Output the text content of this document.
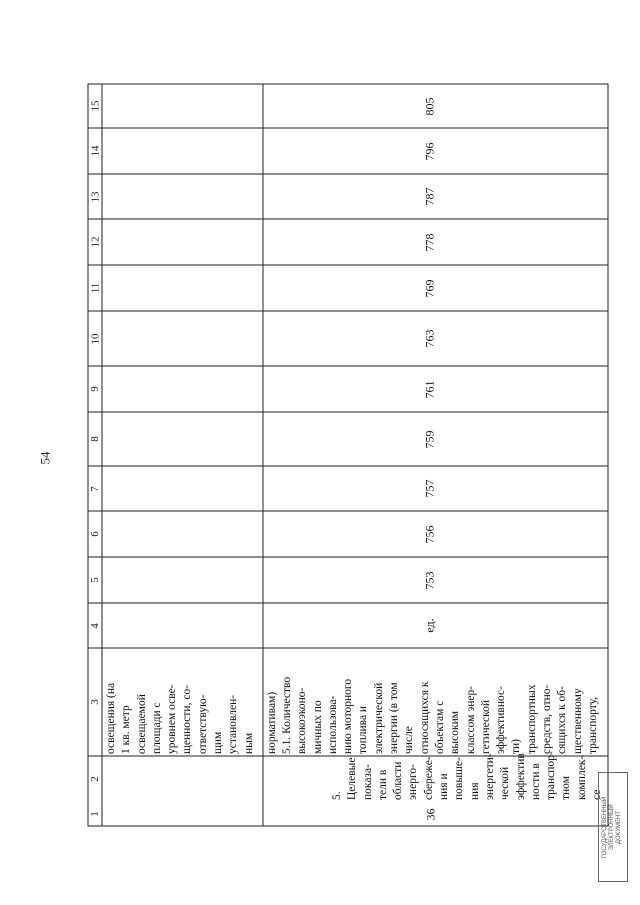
54
15
14
13
12
11
10
9
8
7
6
5
4
3
2
1
освещения (на 1 кв. метр освещаемой площади с уровнем осве- щенности, со- ответствую- щим установлен- ным нормативам) 5.1. Количество высокоэконо- мичных по использова- нию моторного топлива и электрической энергии (в том числе относящихся к объектам с высоким классом энер- гетической эффективнос- ти) транспортных средств, отно- сящихся к об- щественному транспорту,
5. Целевые показа- тели в области энерго- сбереже- ния и повыше- ния энергети- ческой эффектив ности в транспор- тном комплек- се
36
ед.
753
756
757
759
761
763
769
778
787
796
805
ГОСУДАРСТВЕННЫЙ ЭЛЕКТРОННЫЙ ДОКУМЕНТ
